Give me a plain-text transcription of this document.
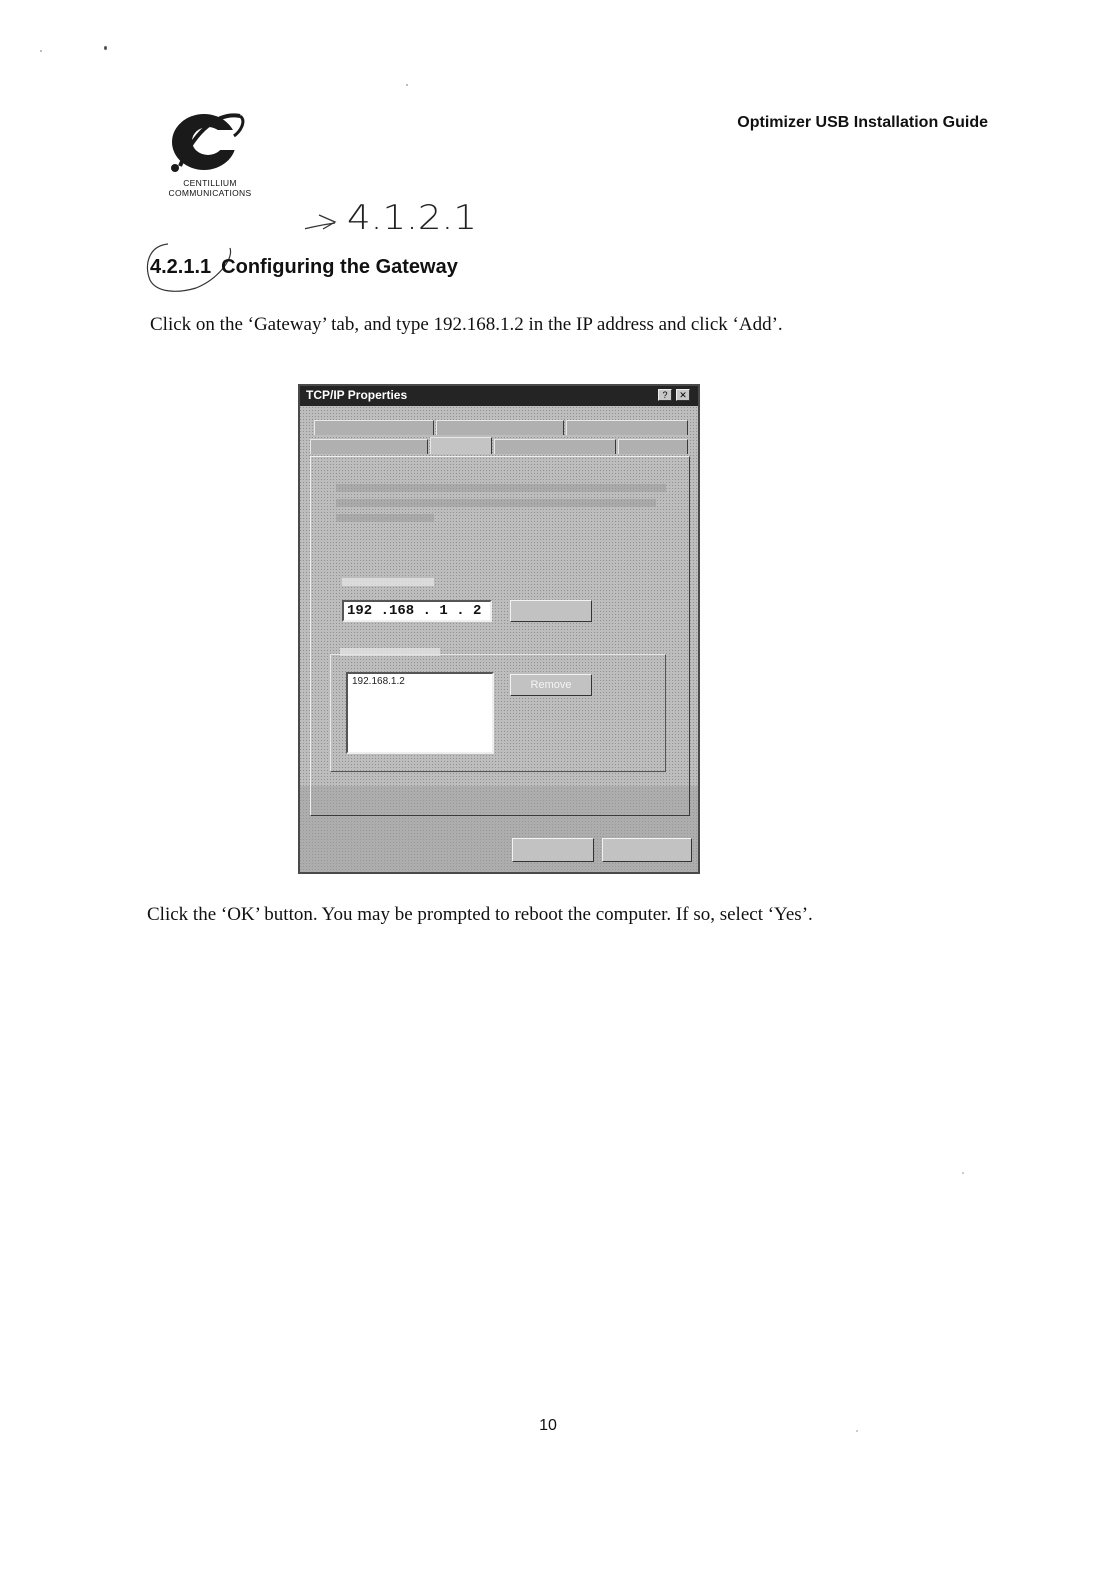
CENTILLIUM
COMMUNICATIONS
Optimizer USB Installation Guide
4.1.2.1
4.2.1.1 Configuring the Gateway
Click on the ‘Gateway’ tab, and type 192.168.1.2 in the IP address and click ‘Add’.
TCP/IP Properties	?	✕
192 .168 . 1 . 2
192.168.1.2	Remove
Click the ‘OK’ button. You may be prompted to reboot the computer. If so, select ‘Yes’.
10
